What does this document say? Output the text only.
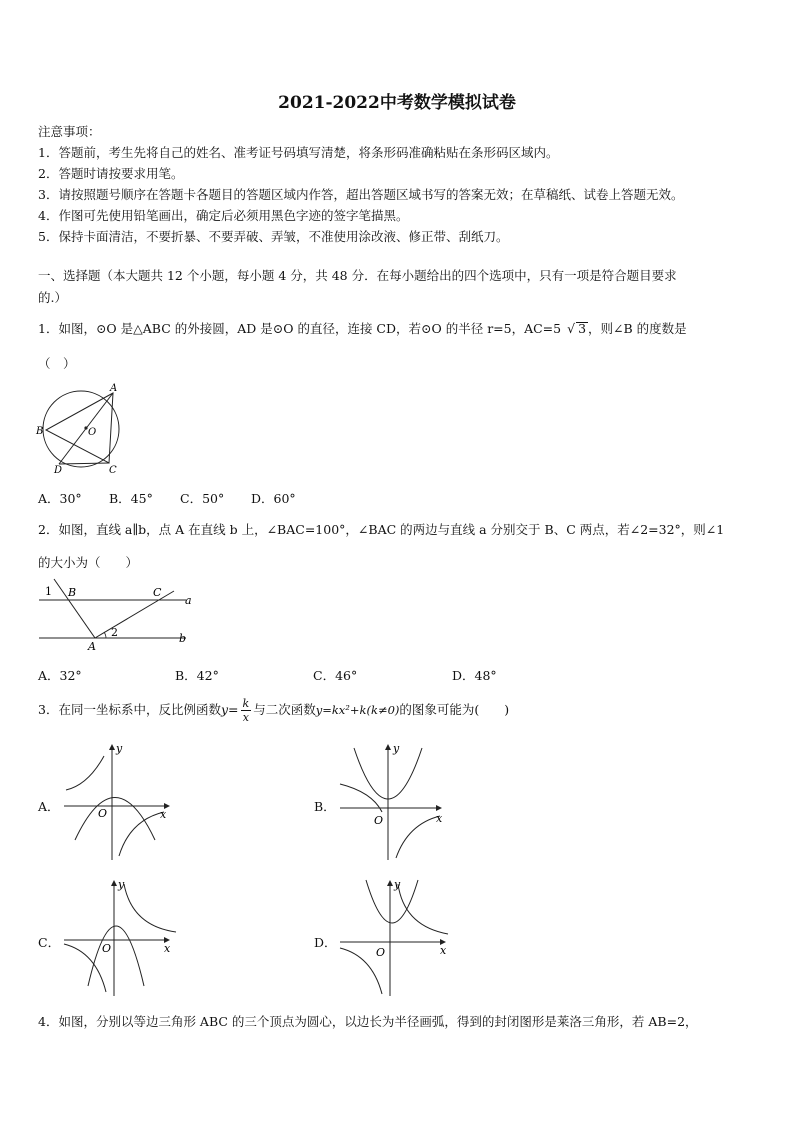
2021-2022中考数学模拟试卷
注意事项：
1．答题前，考生先将自己的姓名、准考证号码填写清楚，将条形码准确粘贴在条形码区域内。
2．答题时请按要求用笔。
3．请按照题号顺序在答题卡各题目的答题区域内作答，超出答题区域书写的答案无效；在草稿纸、试卷上答题无效。
4．作图可先使用铅笔画出，确定后必须用黑色字迹的签字笔描黑。
5．保持卡面清洁，不要折暴、不要弄破、弄皱，不准使用涂改液、修正带、刮纸刀。
一、选择题（本大题共 12 个小题，每小题 4 分，共 48 分．在每小题给出的四个选项中，只有一项是符合题目要求
的.）
1．如图，⊙O 是△ABC 的外接圆，AD 是⊙O 的直径，连接 CD，若⊙O 的半径 r=5，AC=5 √ 3 ，则∠B 的度数是
（　）
A
B
C
D
O
A．30° B．45° C．50° D．60°
2．如图，直线 a∥b，点 A 在直线 b 上，∠BAC=100°，∠BAC 的两边与直线 a 分别交于 B、C 两点，若∠2=32°，则∠1
的大小为（　　）
1 B	C
a
2
A
b
A．32°	B．42°	C．46°	D．48°
3．在同一坐标系中，反比例函数$y= \frac{k}{x}$ 与二次函数y=kx²+k(k≠0)的图象可能为(　　)
A．
y
x
O	B．
y
x
O
C．
y
x
O	D．
y
x
O
4．如图，分别以等边三角形 ABC 的三个顶点为圆心，以边长为半径画弧，得到的封闭图形是莱洛三角形，若 AB=2，
